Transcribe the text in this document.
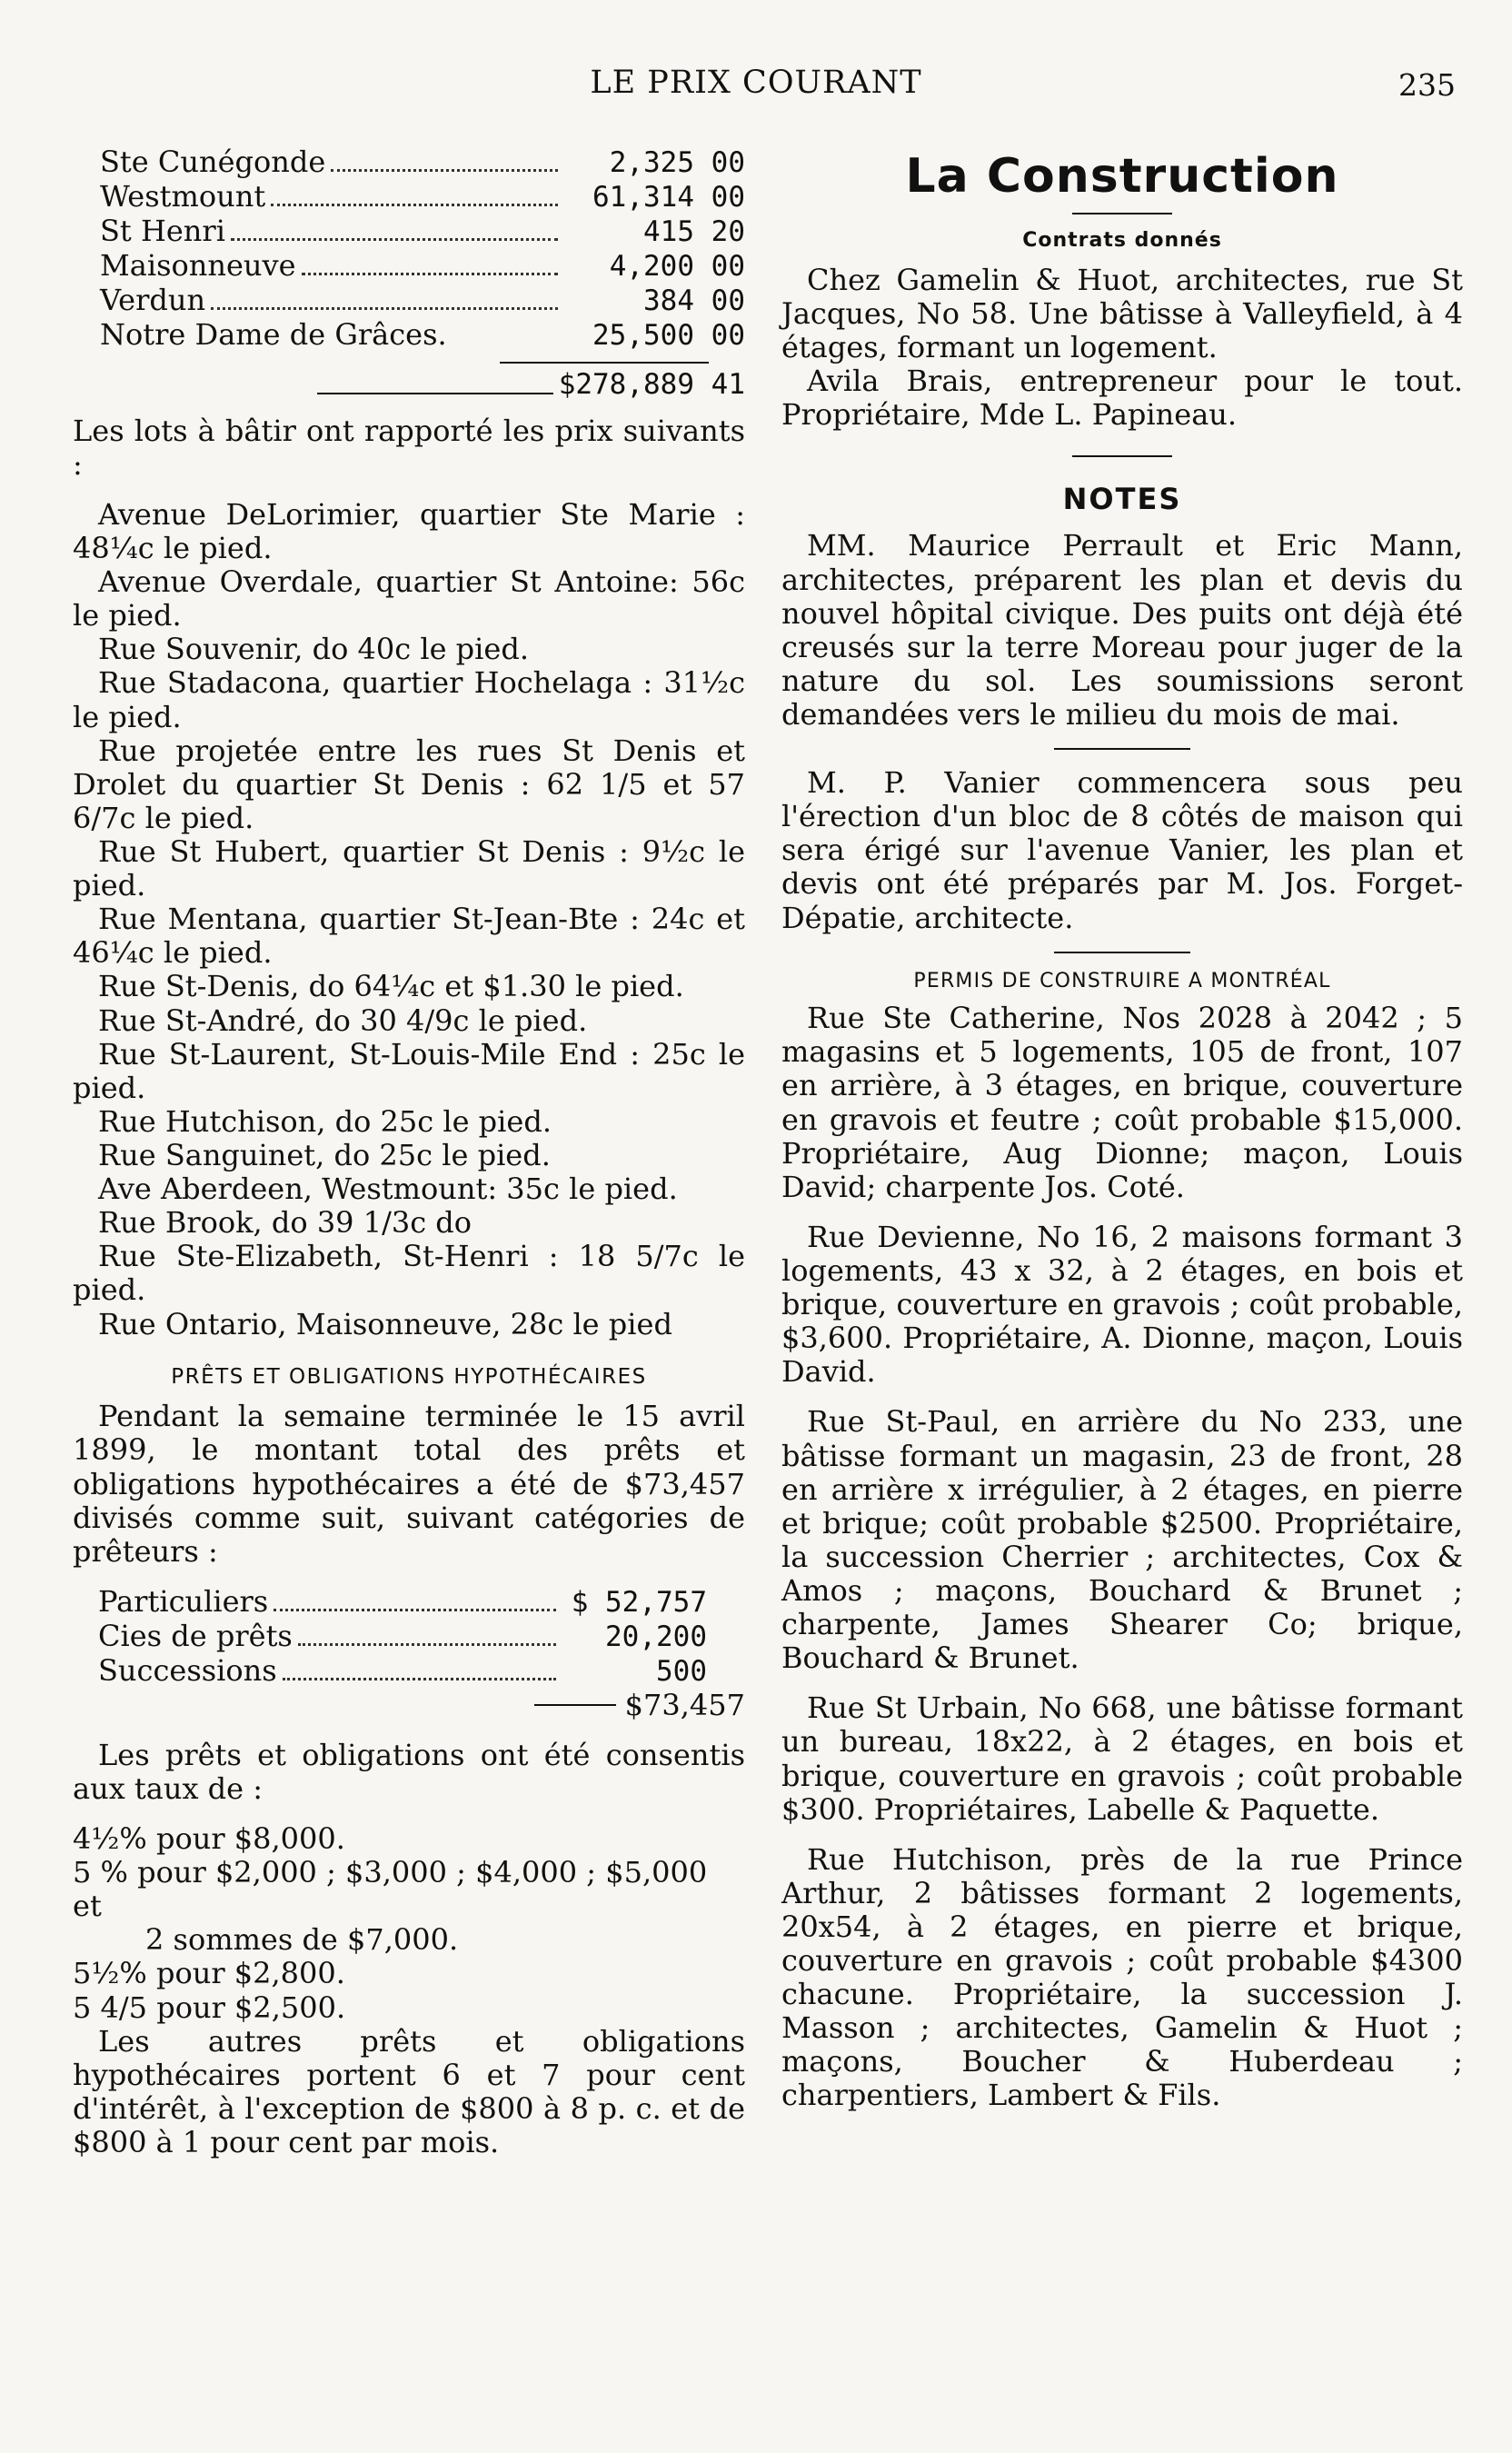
LE PRIX COURANT	235
Ste Cunégonde	2,325 00
Westmount	61,314 00
St Henri	415 20
Maisonneuve	4,200 00
Verdun	384 00
Notre Dame de Grâces.	25,500 00
$278,889 41

Les lots à bâtir ont rapporté les prix suivants :

Avenue DeLorimier, quartier Ste Marie : 48¼c le pied.

Avenue Overdale, quartier St Antoine: 56c le pied.

Rue Souvenir, do 40c le pied.

Rue Stadacona, quartier Hochelaga : 31½c le pied.

Rue projetée entre les rues St Denis et Drolet du quartier St Denis : 62 1/5 et 57 6/7c le pied.

Rue St Hubert, quartier St Denis : 9½c le pied.

Rue Mentana, quartier St-Jean-Bte : 24c et 46¼c le pied.

Rue St-Denis, do 64¼c et $1.30 le pied.

Rue St-André, do 30 4/9c le pied.

Rue St-Laurent, St-Louis-Mile End : 25c le pied.

Rue Hutchison, do 25c le pied.

Rue Sanguinet, do 25c le pied.

Ave Aberdeen, Westmount: 35c le pied.

Rue Brook, do 39 1/3c do

Rue Ste-Elizabeth, St-Henri : 18 5/7c le pied.

Rue Ontario, Maisonneuve, 28c le pied

PRÊTS ET OBLIGATIONS HYPOTHÉCAIRES

Pendant la semaine terminée le 15 avril 1899, le montant total des prêts et obligations hypothécaires a été de $73,457 divisés comme suit, suivant catégories de prêteurs :

Particuliers	$ 52,757
Cies de prêts	20,200
Successions	500
$73,457

Les prêts et obligations ont été consentis aux taux de :

4½% pour $8,000.
5 % pour $2,000 ; $3,000 ; $4,000 ; $5,000 et
2 sommes de $7,000.
5½% pour $2,800.
5 4/5 pour $2,500.

Les autres prêts et obligations hypothécaires portent 6 et 7 pour cent d'intérêt, à l'exception de $800 à 8 p. c. et de $800 à 1 pour cent par mois.

La Construction
Contrats donnés

Chez Gamelin & Huot, architectes, rue St Jacques, No 58. Une bâtisse à Valleyfield, à 4 étages, formant un logement.

Avila Brais, entrepreneur pour le tout. Propriétaire, Mde L. Papineau.

NOTES

MM. Maurice Perrault et Eric Mann, architectes, préparent les plan et devis du nouvel hôpital civique. Des puits ont déjà été creusés sur la terre Moreau pour juger de la nature du sol. Les soumissions seront demandées vers le milieu du mois de mai.

M. P. Vanier commencera sous peu l'érection d'un bloc de 8 côtés de maison qui sera érigé sur l'avenue Vanier, les plan et devis ont été préparés par M. Jos. Forget-Dépatie, architecte.

PERMIS DE CONSTRUIRE A MONTRÉAL

Rue Ste Catherine, Nos 2028 à 2042 ; 5 magasins et 5 logements, 105 de front, 107 en arrière, à 3 étages, en brique, couverture en gravois et feutre ; coût probable $15,000. Propriétaire, Aug Dionne; maçon, Louis David; charpente Jos. Coté.

Rue Devienne, No 16, 2 maisons formant 3 logements, 43 x 32, à 2 étages, en bois et brique, couverture en gravois ; coût probable, $3,600. Propriétaire, A. Dionne, maçon, Louis David.

Rue St-Paul, en arrière du No 233, une bâtisse formant un magasin, 23 de front, 28 en arrière x irrégulier, à 2 étages, en pierre et brique; coût probable $2500. Propriétaire, la succession Cherrier ; architectes, Cox & Amos ; maçons, Bouchard & Brunet ; charpente, James Shearer Co; brique, Bouchard & Brunet.

Rue St Urbain, No 668, une bâtisse formant un bureau, 18x22, à 2 étages, en bois et brique, couverture en gravois ; coût probable $300. Propriétaires, Labelle & Paquette.

Rue Hutchison, près de la rue Prince Arthur, 2 bâtisses formant 2 logements, 20x54, à 2 étages, en pierre et brique, couverture en gravois ; coût probable $4300 chacune. Propriétaire, la succession J. Masson ; architectes, Gamelin & Huot ; maçons, Boucher & Huberdeau ; charpentiers, Lambert & Fils.
